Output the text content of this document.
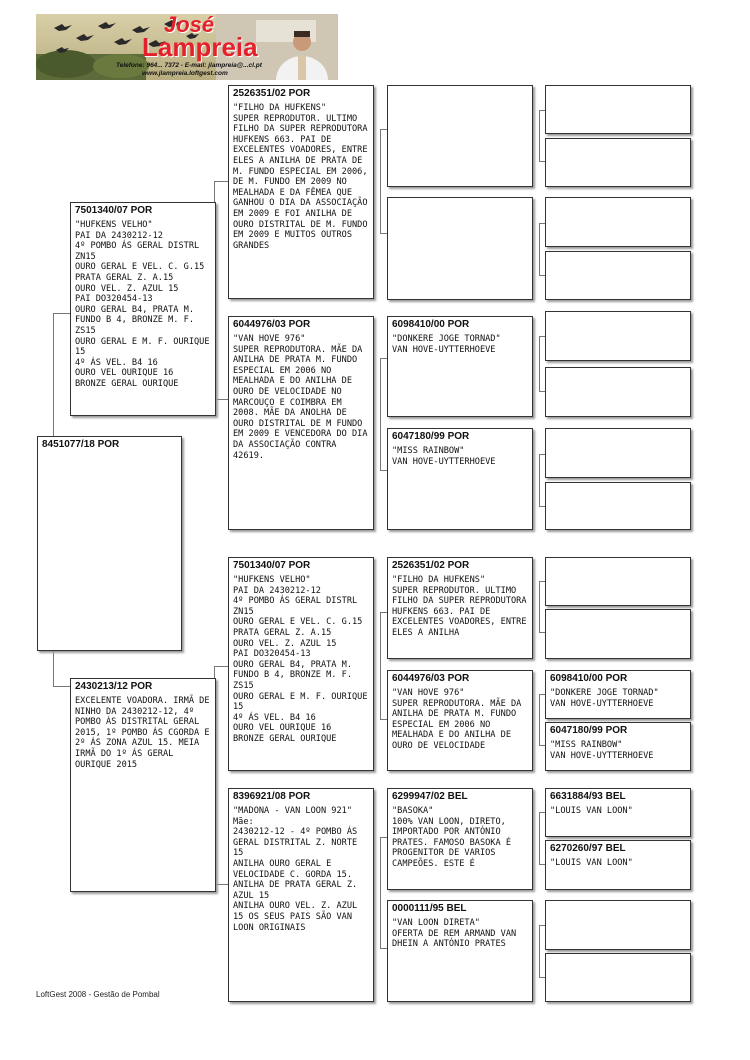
José
Lampreia
Telefone: 964... 7372 - E-mail: jlampreia@...cl.pt
www.jlampreia.loftgest.com
8451077/18 POR
7501340/07 POR
"HUFKENS VELHO"
PAI DA 2430212-12
4º POMBO ÁS GERAL DISTRL ZN15
OURO GERAL E VEL. C. G.15
PRATA GERAL Z. A.15
OURO VEL. Z. AZUL 15
PAI DO320454-13
OURO GERAL B4, PRATA M. FUNDO B 4, BRONZE M. F.  ZS15
OURO GERAL E M. F. OURIQUE 15
4º ÁS VEL. B4 16
OURO VEL OURIQUE 16
BRONZE GERAL OURIQUE
2430213/12 POR
EXCELENTE VOADORA. IRMÃ DE NINHO DA 2430212-12, 4º POMBO ÁS DISTRITAL GERAL 2015, 1º POMBO ÁS CGORDA E 2º ÁS ZONA AZUL 15. MEIA IRMÃ DO 1º ÁS GERAL OURIQUE 2015
2526351/02 POR
"FILHO DA HUFKENS"
SUPER REPRODUTOR. ULTIMO FILHO DA SUPER REPRODUTORA HUFKENS 663. PAI DE EXCELENTES VOADORES, ENTRE ELES A ANILHA DE PRATA DE M. FUNDO ESPECIAL EM 2006, DE M. FUNDO EM 2009 NO MEALHADA E DA FÊMEA QUE GANHOU O DIA DA ASSOCIAÇÃO EM 2009 E FOI ANILHA DE OURO DISTRITAL DE M. FUNDO EM 2009 E MUITOS OUTROS GRANDES
6044976/03 POR
"VAN HOVE 976"
SUPER REPRODUTORA. MÃE DA ANILHA DE PRATA M. FUNDO ESPECIAL EM 2006 NO MEALHADA E DO ANILHA DE OURO DE VELOCIDADE NO MARCOUÇO E COIMBRA EM 2008. MÃE DA ANOLHA DE OURO DISTRITAL DE M FUNDO EM 2009 E VENCEDORA DO DIA DA ASSOCIAÇÃO CONTRA 42619.
7501340/07 POR
"HUFKENS VELHO"
PAI DA 2430212-12
4º POMBO ÁS GERAL DISTRL ZN15
OURO GERAL E VEL. C. G.15
PRATA GERAL Z. A.15
OURO VEL. Z. AZUL 15
PAI DO320454-13
OURO GERAL B4, PRATA M. FUNDO B 4, BRONZE M. F.  ZS15
OURO GERAL E M. F. OURIQUE 15
4º ÁS VEL. B4 16
OURO VEL OURIQUE 16
BRONZE GERAL OURIQUE
8396921/08 POR
"MADONA - VAN LOON 921"
Mãe:
2430212-12 - 4º POMBO ÁS GERAL DISTRITAL Z. NORTE 15
ANILHA OURO GERAL E VELOCIDADE C. GORDA 15.
ANILHA DE PRATA GERAL Z. AZUL 15
ANILHA OURO VEL. Z. AZUL 15 OS SEUS PAIS SÃO VAN LOON ORIGINAIS
6098410/00 POR
"DONKERE JOGE TORNAD"
VAN HOVE-UYTTERHOEVE
6047180/99 POR
"MISS RAINBOW"
VAN HOVE-UYTTERHOEVE
2526351/02 POR
"FILHO DA HUFKENS"
SUPER REPRODUTOR. ULTIMO FILHO DA SUPER REPRODUTORA HUFKENS 663. PAI DE EXCELENTES VOADORES, ENTRE ELES A ANILHA
6044976/03 POR
"VAN HOVE 976"
SUPER REPRODUTORA. MÃE DA ANILHA DE PRATA M. FUNDO ESPECIAL EM 2006 NO MEALHADA E DO ANILHA DE OURO DE VELOCIDADE
6299947/02 BEL
"BASOKA"
100% VAN LOON, DIRETO, IMPORTADO POR ANTÓNIO PRATES. FAMOSO BASOKA É PROGENITOR DE VARIOS CAMPEÕES. ESTE É
0000111/95 BEL
"VAN LOON DIRETA"
OFERTA DE REM ARMAND VAN DHEIN A ANTÓNIO PRATES
6098410/00 POR
"DONKERE JOGE TORNAD"
VAN HOVE-UYTTERHOEVE
6047180/99 POR
"MISS RAINBOW"
VAN HOVE-UYTTERHOEVE
6631884/93 BEL
"LOUIS VAN LOON"
6270260/97 BEL
"LOUIS VAN LOON"
LoftGest 2008 - Gestão de Pombal
